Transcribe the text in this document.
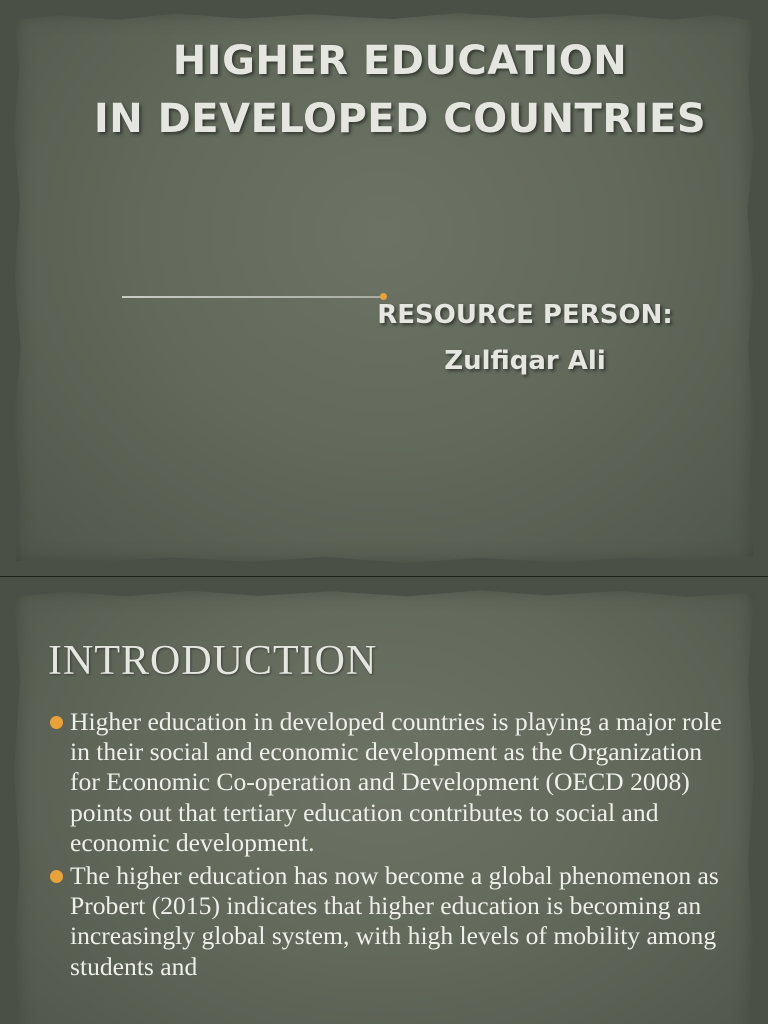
HIGHER EDUCATION
IN DEVELOPED COUNTRIES
RESOURCE PERSON:
Zulfiqar Ali
INTRODUCTION
Higher education in developed countries is playing a major role in their social and economic development as the Organization for Economic Co-operation and Development (OECD 2008) points out that tertiary education contributes to social and economic development.
The higher education has now become a global phenomenon as Probert (2015) indicates that higher education is becoming an increasingly global system, with high levels of mobility among students and
